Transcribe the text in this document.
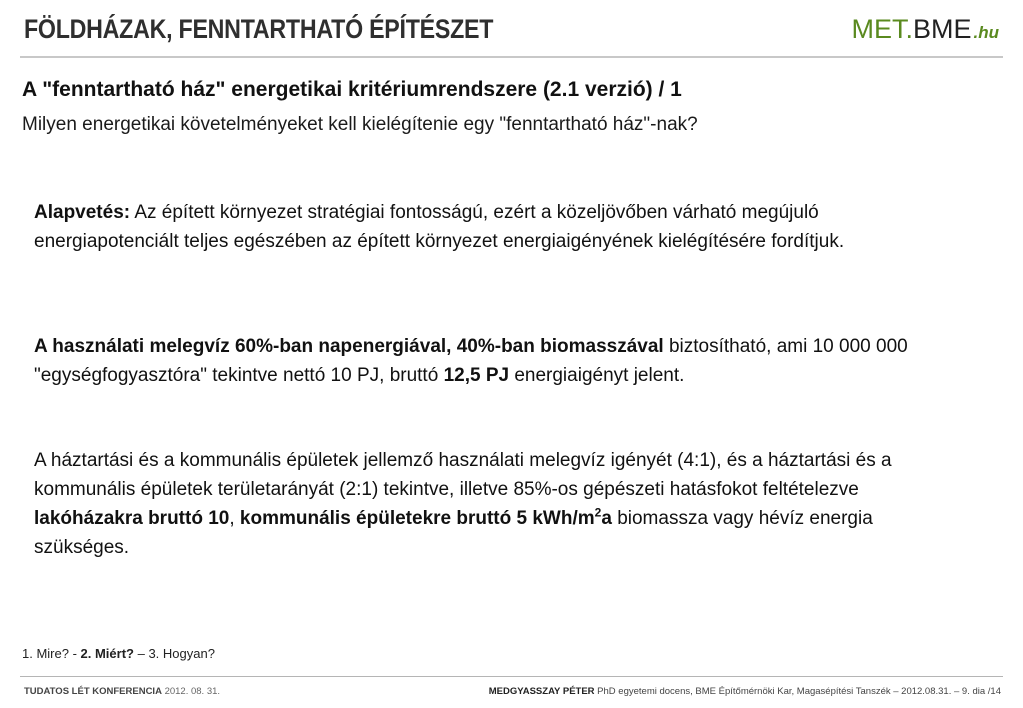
FÖLDHÁZAK, FENNTARTHATÓ ÉPÍTÉSZET	MET.BME .hu
A "fenntartható ház" energetikai kritériumrendszere (2.1 verzió) / 1
Milyen energetikai követelményeket kell kielégítenie egy "fenntartható ház"-nak?
Alapvetés: Az épített környezet stratégiai fontosságú, ezért a közeljövőben várható megújuló energiapotenciált teljes egészében az épített környezet energiaigényének kielégítésére fordítjuk.
A használati melegvíz 60%-ban napenergiával, 40%-ban biomasszával biztosítható, ami 10 000 000 "egységfogyasztóra" tekintve nettó 10 PJ, bruttó 12,5 PJ energiaigényt jelent.
A háztartási és a kommunális épületek jellemző használati melegvíz igényét (4:1), és a háztartási és a kommunális épületek területarányát (2:1) tekintve, illetve 85%-os gépészeti hatásfokot feltételezve lakóházakra bruttó 10, kommunális épületekre bruttó 5 kWh/$m^2a$ biomassza vagy hévíz energia szükséges.
1. Mire? - 2. Miért? – 3. Hogyan?
TUDATOS LÉT KONFERENCIA 2012. 08. 31.	MEDGYASSZAY PÉTER PhD egyetemi docens, BME Építőmérnöki Kar, Magasépítési Tanszék – 2012.08.31. – 9. dia /14
